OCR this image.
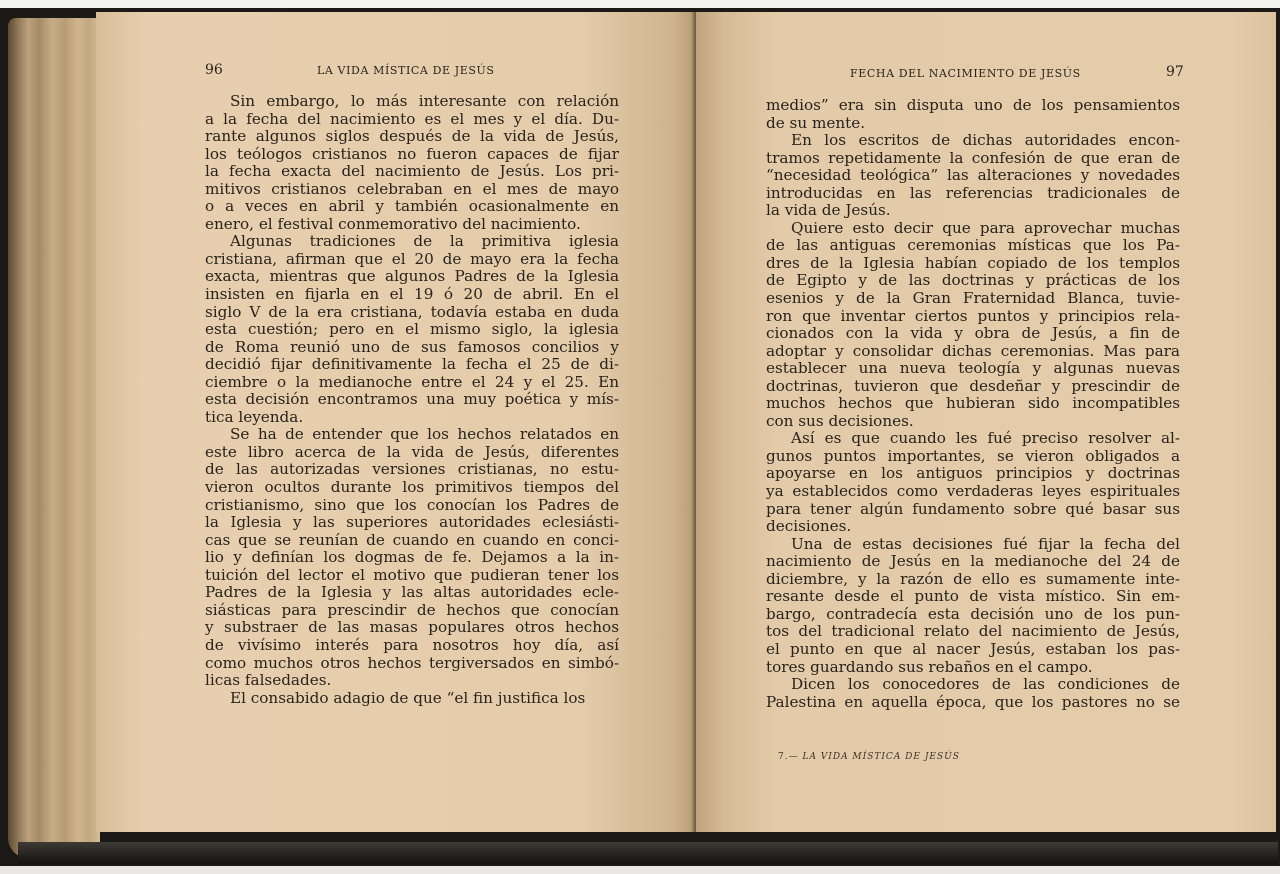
96	LA VIDA MÍSTICA DE JESÚS
Sin embargo, lo más interesante con relación
a la fecha del nacimiento es el mes y el día. Du-
rante algunos siglos después de la vida de Jesús,
los teólogos cristianos no fueron capaces de fijar
la fecha exacta del nacimiento de Jesús. Los pri-
mitivos cristianos celebraban en el mes de mayo
o a veces en abril y también ocasionalmente en
enero, el festival conmemorativo del nacimiento.
Algunas tradiciones de la primitiva iglesia
cristiana, afirman que el 20 de mayo era la fecha
exacta, mientras que algunos Padres de la Iglesia
insisten en fijarla en el 19 ó 20 de abril. En el
siglo V de la era cristiana, todavía estaba en duda
esta cuestión; pero en el mismo siglo, la iglesia
de Roma reunió uno de sus famosos concilios y
decidió fijar definitivamente la fecha el 25 de di-
ciembre o la medianoche entre el 24 y el 25. En
esta decisión encontramos una muy poética y mís-
tica leyenda.
Se ha de entender que los hechos relatados en
este libro acerca de la vida de Jesús, diferentes
de las autorizadas versiones cristianas, no estu-
vieron ocultos durante los primitivos tiempos del
cristianismo, sino que los conocían los Padres de
la Iglesia y las superiores autoridades eclesiásti-
cas que se reunían de cuando en cuando en conci-
lio y definían los dogmas de fe. Dejamos a la in-
tuición del lector el motivo que pudieran tener los
Padres de la Iglesia y las altas autoridades ecle-
siásticas para prescindir de hechos que conocían
y substraer de las masas populares otros hechos
de vivísimo interés para nosotros hoy día, así
como muchos otros hechos tergiversados en simbó-
licas falsedades.
El consabido adagio de que “el fin justifica los
FECHA DEL NACIMIENTO DE JESÚS	97
medios” era sin disputa uno de los pensamientos
de su mente.
En los escritos de dichas autoridades encon-
tramos repetidamente la confesión de que eran de
“necesidad teológica” las alteraciones y novedades
introducidas en las referencias tradicionales de
la vida de Jesús.
Quiere esto decir que para aprovechar muchas
de las antiguas ceremonias místicas que los Pa-
dres de la Iglesia habían copiado de los templos
de Egipto y de las doctrinas y prácticas de los
esenios y de la Gran Fraternidad Blanca, tuvie-
ron que inventar ciertos puntos y principios rela-
cionados con la vida y obra de Jesús, a fin de
adoptar y consolidar dichas ceremonias. Mas para
establecer una nueva teología y algunas nuevas
doctrinas, tuvieron que desdeñar y prescindir de
muchos hechos que hubieran sido incompatibles
con sus decisiones.
Así es que cuando les fué preciso resolver al-
gunos puntos importantes, se vieron obligados a
apoyarse en los antiguos principios y doctrinas
ya establecidos como verdaderas leyes espirituales
para tener algún fundamento sobre qué basar sus
decisiones.
Una de estas decisiones fué fijar la fecha del
nacimiento de Jesús en la medianoche del 24 de
diciembre, y la razón de ello es sumamente inte-
resante desde el punto de vista místico. Sin em-
bargo, contradecía esta decisión uno de los pun-
tos del tradicional relato del nacimiento de Jesús,
el punto en que al nacer Jesús, estaban los pas-
tores guardando sus rebaños en el campo.
Dicen los conocedores de las condiciones de
Palestina en aquella época, que los pastores no se
7.— LA VIDA MÍSTICA DE JESÚS
